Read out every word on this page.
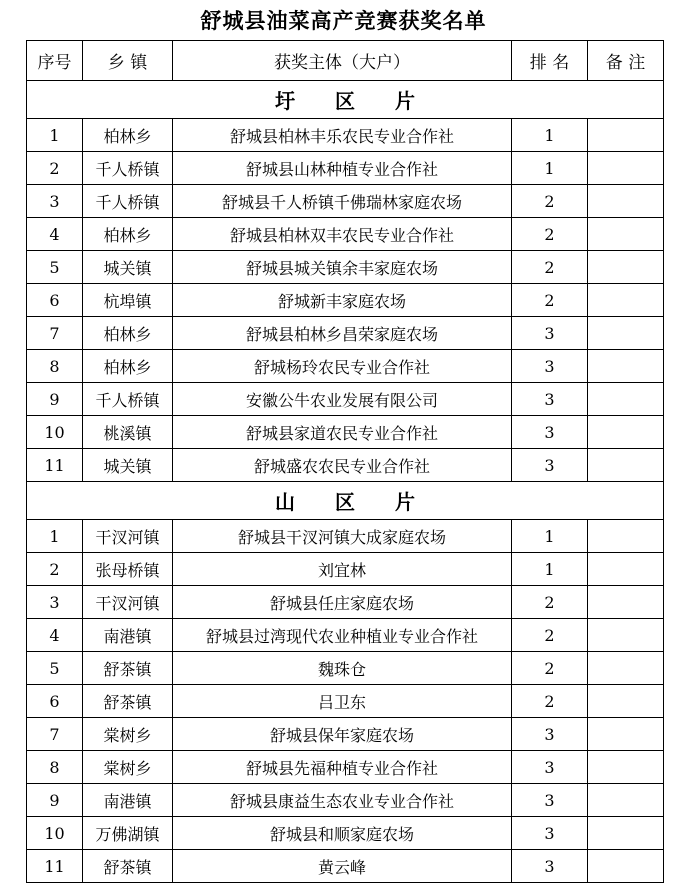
舒城县油菜高产竞赛获奖名单
序号	乡 镇	获奖主体（大户）	排 名	备 注
圩　　区　　片				
1	柏林乡	舒城县柏林丰乐农民专业合作社	1	
2	千人桥镇	舒城县山林种植专业合作社	1	
3	千人桥镇	舒城县千人桥镇千佛瑞林家庭农场	2	
4	柏林乡	舒城县柏林双丰农民专业合作社	2	
5	城关镇	舒城县城关镇余丰家庭农场	2	
6	杭埠镇	舒城新丰家庭农场	2	
7	柏林乡	舒城县柏林乡昌荣家庭农场	3	
8	柏林乡	舒城杨玲农民专业合作社	3	
9	千人桥镇	安徽公牛农业发展有限公司	3	
10	桃溪镇	舒城县家道农民专业合作社	3	
11	城关镇	舒城盛农农民专业合作社	3	
山　　区　　片				
1	干汊河镇	舒城县干汊河镇大成家庭农场	1	
2	张母桥镇	刘宜林	1	
3	干汊河镇	舒城县任庄家庭农场	2	
4	南港镇	舒城县过湾现代农业种植业专业合作社	2	
5	舒茶镇	魏珠仓	2	
6	舒茶镇	吕卫东	2	
7	棠树乡	舒城县保年家庭农场	3	
8	棠树乡	舒城县先福种植专业合作社	3	
9	南港镇	舒城县康益生态农业专业合作社	3	
10	万佛湖镇	舒城县和顺家庭农场	3	
11	舒茶镇	黄云峰	3	
